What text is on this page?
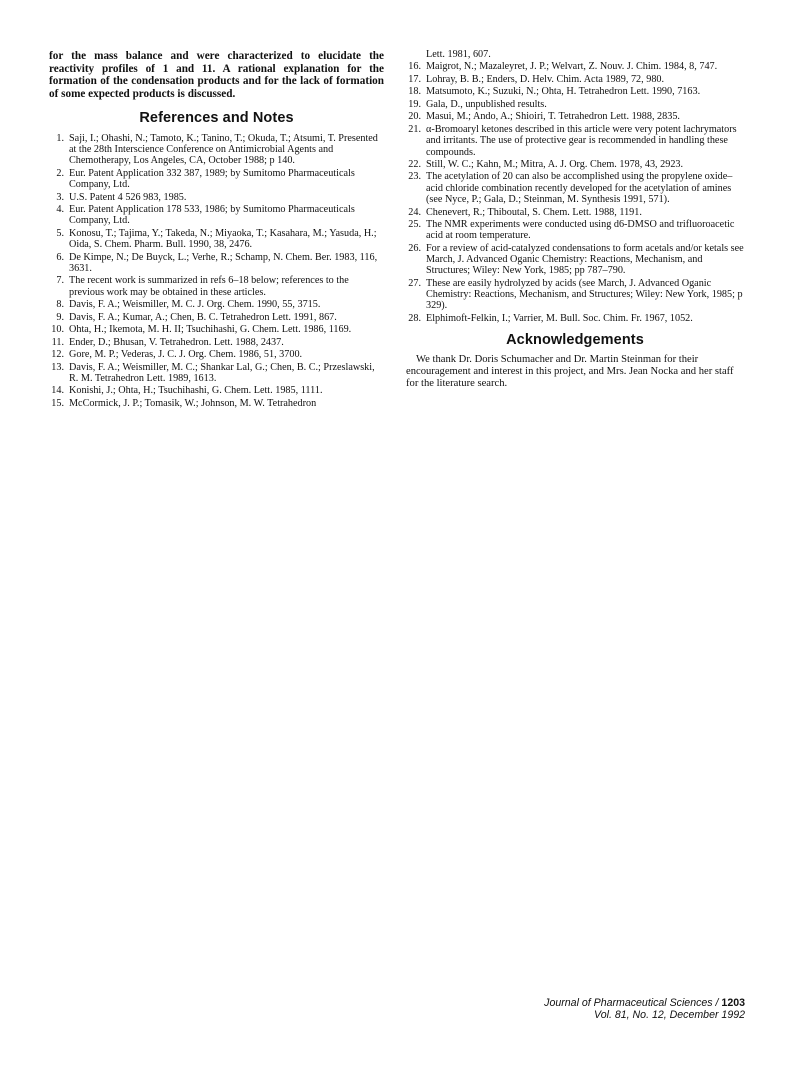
for the mass balance and were characterized to elucidate the reactivity profiles of 1 and 11. A rational explanation for the formation of the condensation products and for the lack of formation of some expected products is discussed.

References and Notes
1. Saji, I.; Ohashi, N.; Tamoto, K.; Tanino, T.; Okuda, T.; Atsumi, T. Presented at the 28th Interscience Conference on Antimicrobial Agents and Chemotherapy, Los Angeles, CA, October 1988; p 140.
2. Eur. Patent Application 332 387, 1989; by Sumitomo Pharmaceuticals Company, Ltd.
3. U.S. Patent 4 526 983, 1985.
4. Eur. Patent Application 178 533, 1986; by Sumitomo Pharmaceuticals Company, Ltd.
5. Konosu, T.; Tajima, Y.; Takeda, N.; Miyaoka, T.; Kasahara, M.; Yasuda, H.; Oida, S. Chem. Pharm. Bull. 1990, 38, 2476.
6. De Kimpe, N.; De Buyck, L.; Verhe, R.; Schamp, N. Chem. Ber. 1983, 116, 3631.
7. The recent work is summarized in refs 6–18 below; references to the previous work may be obtained in these articles.
8. Davis, F. A.; Weismiller, M. C. J. Org. Chem. 1990, 55, 3715.
9. Davis, F. A.; Kumar, A.; Chen, B. C. Tetrahedron Lett. 1991, 867.
10. Ohta, H.; Ikemota, M. H. II; Tsuchihashi, G. Chem. Lett. 1986, 1169.
11. Ender, D.; Bhusan, V. Tetrahedron. Lett. 1988, 2437.
12. Gore, M. P.; Vederas, J. C. J. Org. Chem. 1986, 51, 3700.
13. Davis, F. A.; Weismiller, M. C.; Shankar Lal, G.; Chen, B. C.; Przeslawski, R. M. Tetrahedron Lett. 1989, 1613.
14. Konishi, J.; Ohta, H.; Tsuchihashi, G. Chem. Lett. 1985, 1111.
15. McCormick, J. P.; Tomasik, W.; Johnson, M. W. Tetrahedron
Lett. 1981, 607.
16. Maigrot, N.; Mazaleyret, J. P.; Welvart, Z. Nouv. J. Chim. 1984, 8, 747.
17. Lohray, B. B.; Enders, D. Helv. Chim. Acta 1989, 72, 980.
18. Matsumoto, K.; Suzuki, N.; Ohta, H. Tetrahedron Lett. 1990, 7163.
19. Gala, D., unpublished results.
20. Masui, M.; Ando, A.; Shioiri, T. Tetrahedron Lett. 1988, 2835.
21. α-Bromoaryl ketones described in this article were very potent lachrymators and irritants. The use of protective gear is recommended in handling these compounds.
22. Still, W. C.; Kahn, M.; Mitra, A. J. Org. Chem. 1978, 43, 2923.
23. The acetylation of 20 can also be accomplished using the propylene oxide–acid chloride combination recently developed for the acetylation of amines (see Nyce, P.; Gala, D.; Steinman, M. Synthesis 1991, 571).
24. Chenevert, R.; Thiboutal, S. Chem. Lett. 1988, 1191.
25. The NMR experiments were conducted using d6-DMSO and trifluoroacetic acid at room temperature.
26. For a review of acid-catalyzed condensations to form acetals and/or ketals see March, J. Advanced Oganic Chemistry: Reactions, Mechanism, and Structures; Wiley: New York, 1985; pp 787–790.
27. These are easily hydrolyzed by acids (see March, J. Advanced Oganic Chemistry: Reactions, Mechanism, and Structures; Wiley: New York, 1985; p 329).
28. Elphimoft-Felkin, I.; Varrier, M. Bull. Soc. Chim. Fr. 1967, 1052.
Acknowledgements

We thank Dr. Doris Schumacher and Dr. Martin Steinman for their encouragement and interest in this project, and Mrs. Jean Nocka and her staff for the literature search.

Journal of Pharmaceutical Sciences / 1203
Vol. 81, No. 12, December 1992
